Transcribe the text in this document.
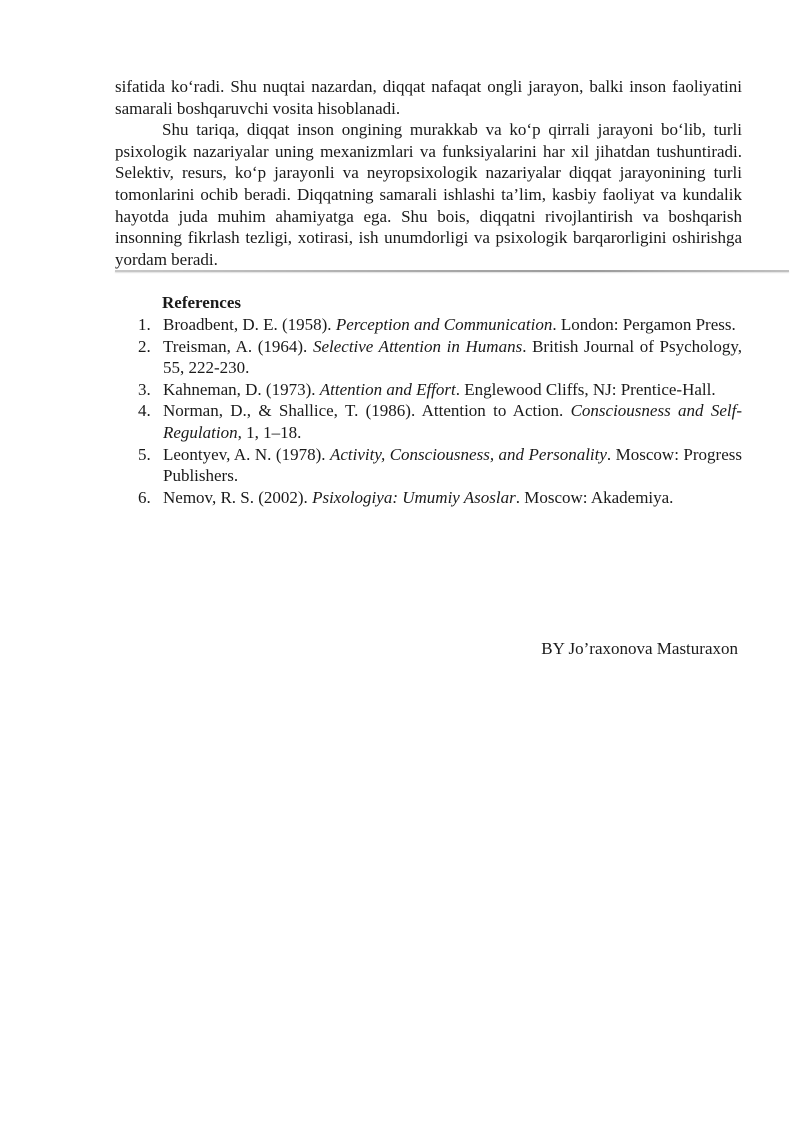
sifatida ko‘radi. Shu nuqtai nazardan, diqqat nafaqat ongli jarayon, balki inson faoliyatini samarali boshqaruvchi vosita hisoblanadi.

Shu tariqa, diqqat inson ongining murakkab va ko‘p qirrali jarayoni bo‘lib, turli psixologik nazariyalar uning mexanizmlari va funksiyalarini har xil jihatdan tushuntiradi. Selektiv, resurs, ko‘p jarayonli va neyropsixologik nazariyalar diqqat jarayonining turli tomonlarini ochib beradi. Diqqatning samarali ishlashi ta’lim, kasbiy faoliyat va kundalik hayotda juda muhim ahamiyatga ega. Shu bois, diqqatni rivojlantirish va boshqarish insonning fikrlash tezligi, xotirasi, ish unumdorligi va psixologik barqarorligini oshirishga yordam beradi.

References

1. Broadbent, D. E. (1958). Perception and Communication. London: Pergamon Press.
2. Treisman, A. (1964). Selective Attention in Humans. British Journal of Psychology, 55, 222-230.
3. Kahneman, D. (1973). Attention and Effort. Englewood Cliffs, NJ: Prentice-Hall.
4. Norman, D., & Shallice, T. (1986). Attention to Action. Consciousness and Self-Regulation, 1, 1–18.
5. Leontyev, A. N. (1978). Activity, Consciousness, and Personality. Moscow: Progress Publishers.
6. Nemov, R. S. (2002). Psixologiya: Umumiy Asoslar. Moscow: Akademiya.
BY Jo’raxonova Masturaxon
